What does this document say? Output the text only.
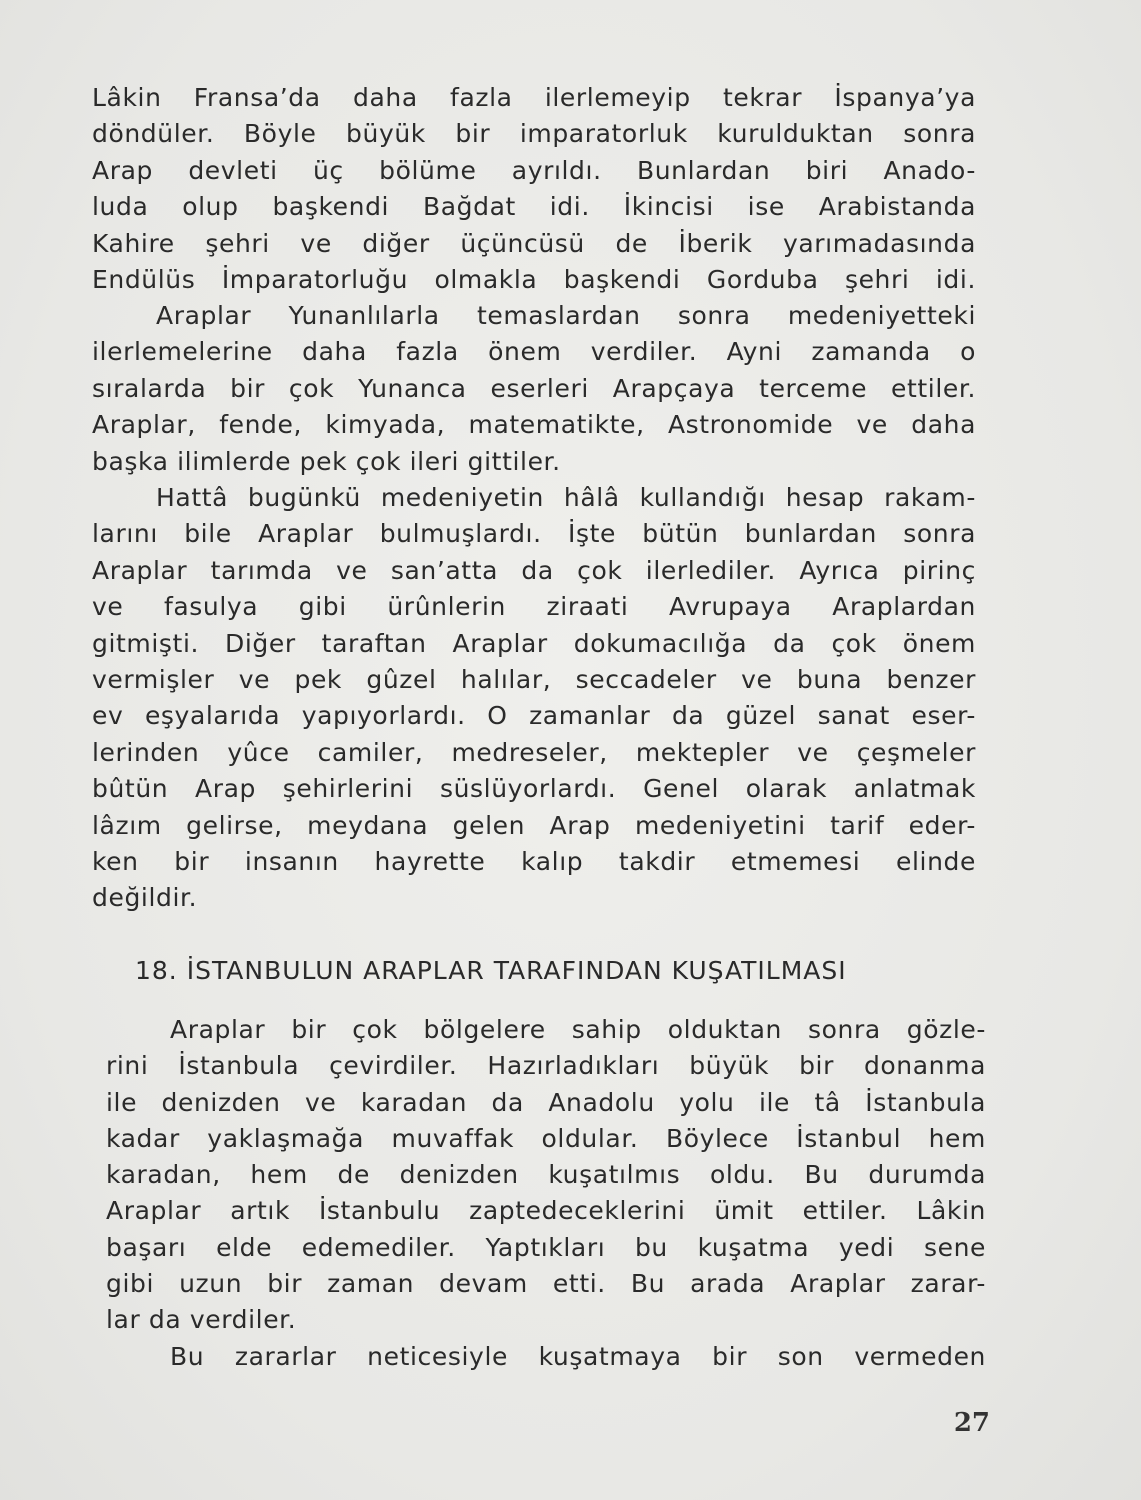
Lâkin Fransa’da daha fazla ilerlemeyip tekrar İspanya’ya
döndüler. Böyle büyük bir imparatorluk kurulduktan sonra
Arap devleti üç bölüme ayrıldı. Bunlardan biri Anado-
luda olup başkendi Bağdat idi. İkincisi ise Arabistanda
Kahire şehri ve diğer üçüncüsü de İberik yarımadasında
Endülüs İmparatorluğu olmakla başkendi Gorduba şehri idi.
Araplar Yunanlılarla temaslardan sonra medeniyetteki
ilerlemelerine daha fazla önem verdiler. Ayni zamanda o
sıralarda bir çok Yunanca eserleri Arapçaya terceme ettiler.
Araplar, fende, kimyada, matematikte, Astronomide ve daha
başka ilimlerde pek çok ileri gittiler.
Hattâ bugünkü medeniyetin hâlâ kullandığı hesap rakam-
larını bile Araplar bulmuşlardı. İşte bütün bunlardan sonra
Araplar tarımda ve san’atta da çok ilerlediler. Ayrıca pirinç
ve fasulya gibi ürûnlerin ziraati Avrupaya Araplardan
gitmişti. Diğer taraftan Araplar dokumacılığa da çok önem
vermişler ve pek gûzel halılar, seccadeler ve buna benzer
ev eşyalarıda yapıyorlardı. O zamanlar da güzel sanat eser-
lerinden yûce camiler, medreseler, mektepler ve çeşmeler
bûtün Arap şehirlerini süslüyorlardı. Genel olarak anlatmak
lâzım gelirse, meydana gelen Arap medeniyetini tarif eder-
ken bir insanın hayrette kalıp takdir etmemesi elinde
değildir.
18. İSTANBULUN ARAPLAR TARAFINDAN KUŞATILMASI
Araplar bir çok bölgelere sahip olduktan sonra gözle-
rini İstanbula çevirdiler. Hazırladıkları büyük bir donanma
ile denizden ve karadan da Anadolu yolu ile tâ İstanbula
kadar yaklaşmağa muvaffak oldular. Böylece İstanbul hem
karadan, hem de denizden kuşatılmıs oldu. Bu durumda
Araplar artık İstanbulu zaptedeceklerini ümit ettiler. Lâkin
başarı elde edemediler. Yaptıkları bu kuşatma yedi sene
gibi uzun bir zaman devam etti. Bu arada Araplar zarar-
lar da verdiler.
Bu zararlar neticesiyle kuşatmaya bir son vermeden
27
